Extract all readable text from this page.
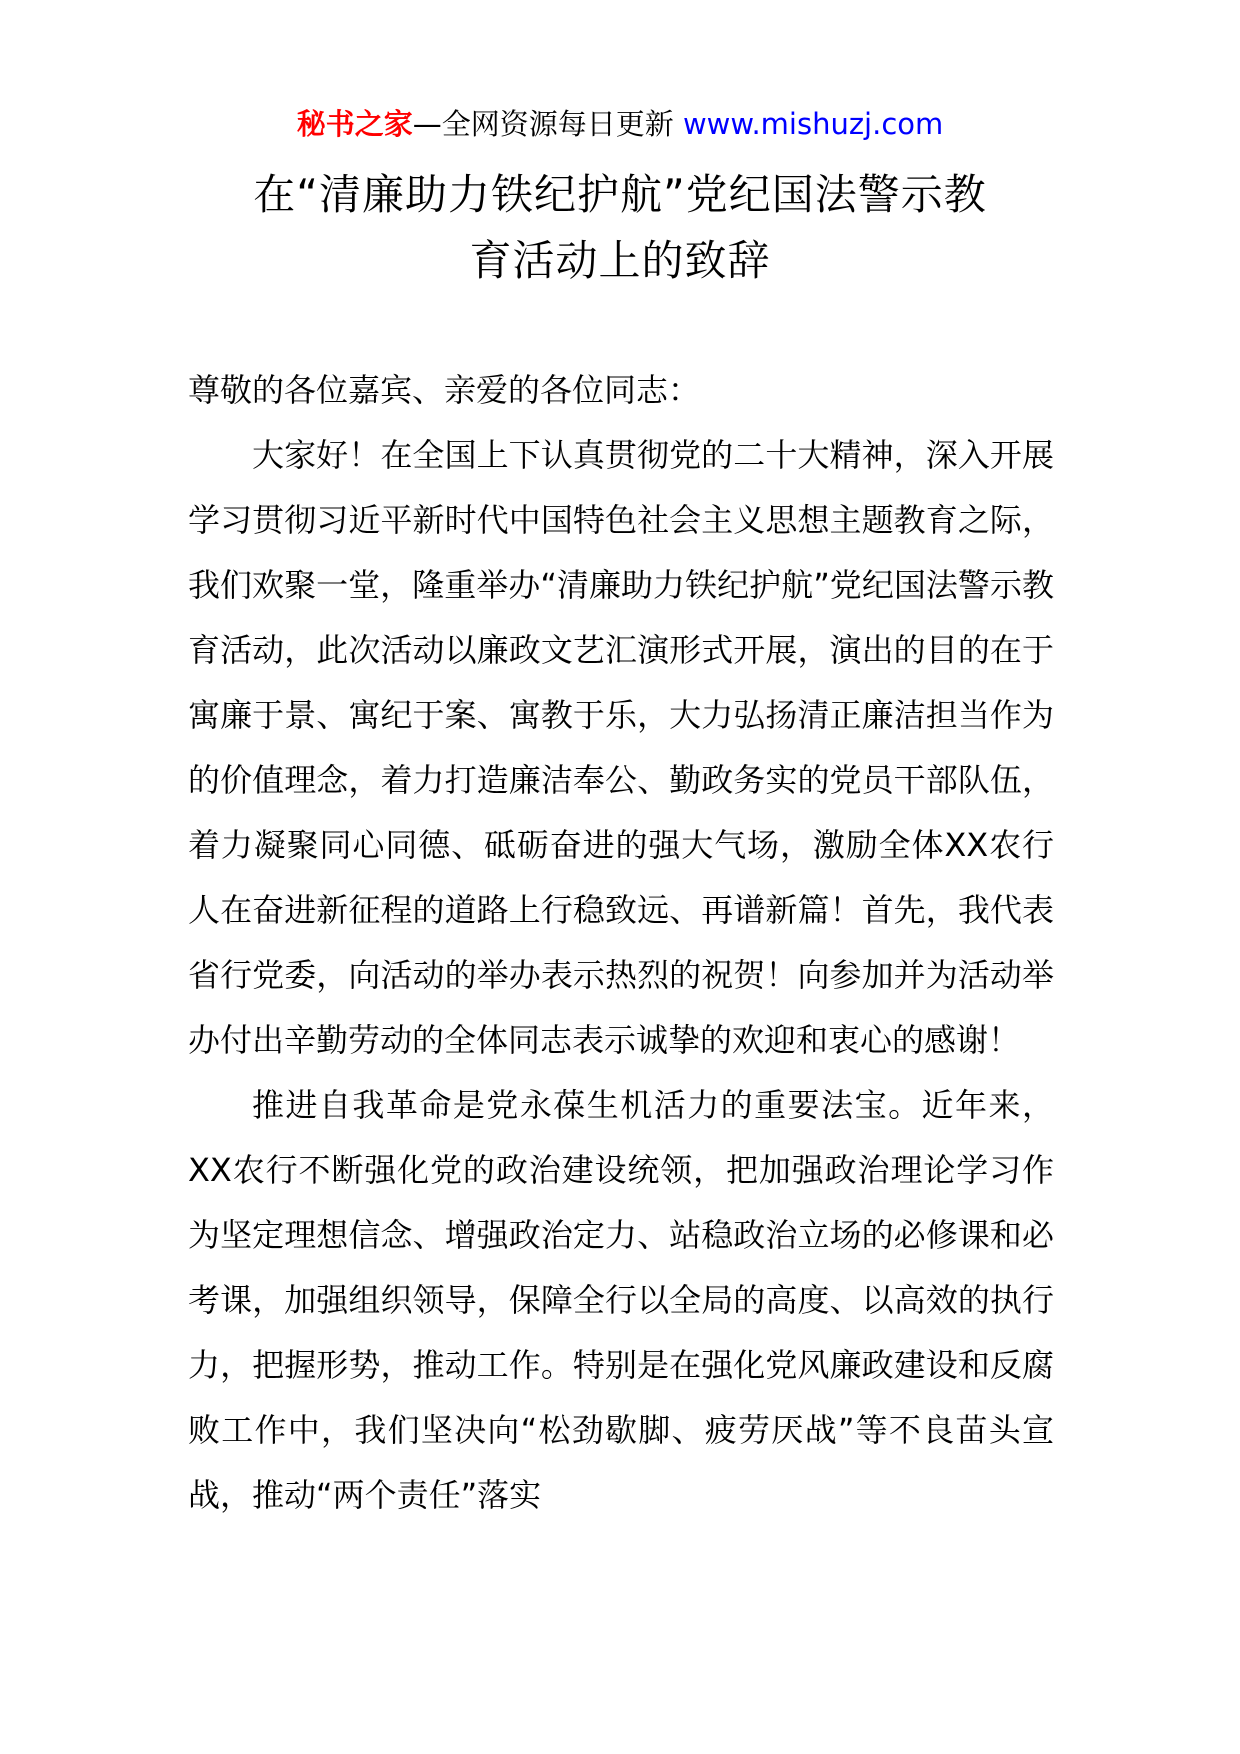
秘书之家—全网资源每日更新 www.mishuzj.com
在“清廉助力铁纪护航”党纪国法警示教
育活动上的致辞

尊敬的各位嘉宾、亲爱的各位同志：

大家好！在全国上下认真贯彻党的二十大精神，深入开展学习贯彻习近平新时代中国特色社会主义思想主题教育之际，我们欢聚一堂，隆重举办“清廉助力铁纪护航”党纪国法警示教育活动，此次活动以廉政文艺汇演形式开展，演出的目的在于寓廉于景、寓纪于案、寓教于乐，大力弘扬清正廉洁担当作为的价值理念，着力打造廉洁奉公、勤政务实的党员干部队伍，着力凝聚同心同德、砥砺奋进的强大气场，激励全体XX农行人在奋进新征程的道路上行稳致远、再谱新篇！首先，我代表省行党委，向活动的举办表示热烈的祝贺！向参加并为活动举办付出辛勤劳动的全体同志表示诚挚的欢迎和衷心的感谢！

推进自我革命是党永葆生机活力的重要法宝。近年来，XX农行不断强化党的政治建设统领，把加强政治理论学习作为坚定理想信念、增强政治定力、站稳政治立场的必修课和必考课，加强组织领导，保障全行以全局的高度、以高效的执行力，把握形势，推动工作。特别是在强化党风廉政建设和反腐败工作中，我们坚决向“松劲歇脚、疲劳厌战”等不良苗头宣战，推动“两个责任”落实
